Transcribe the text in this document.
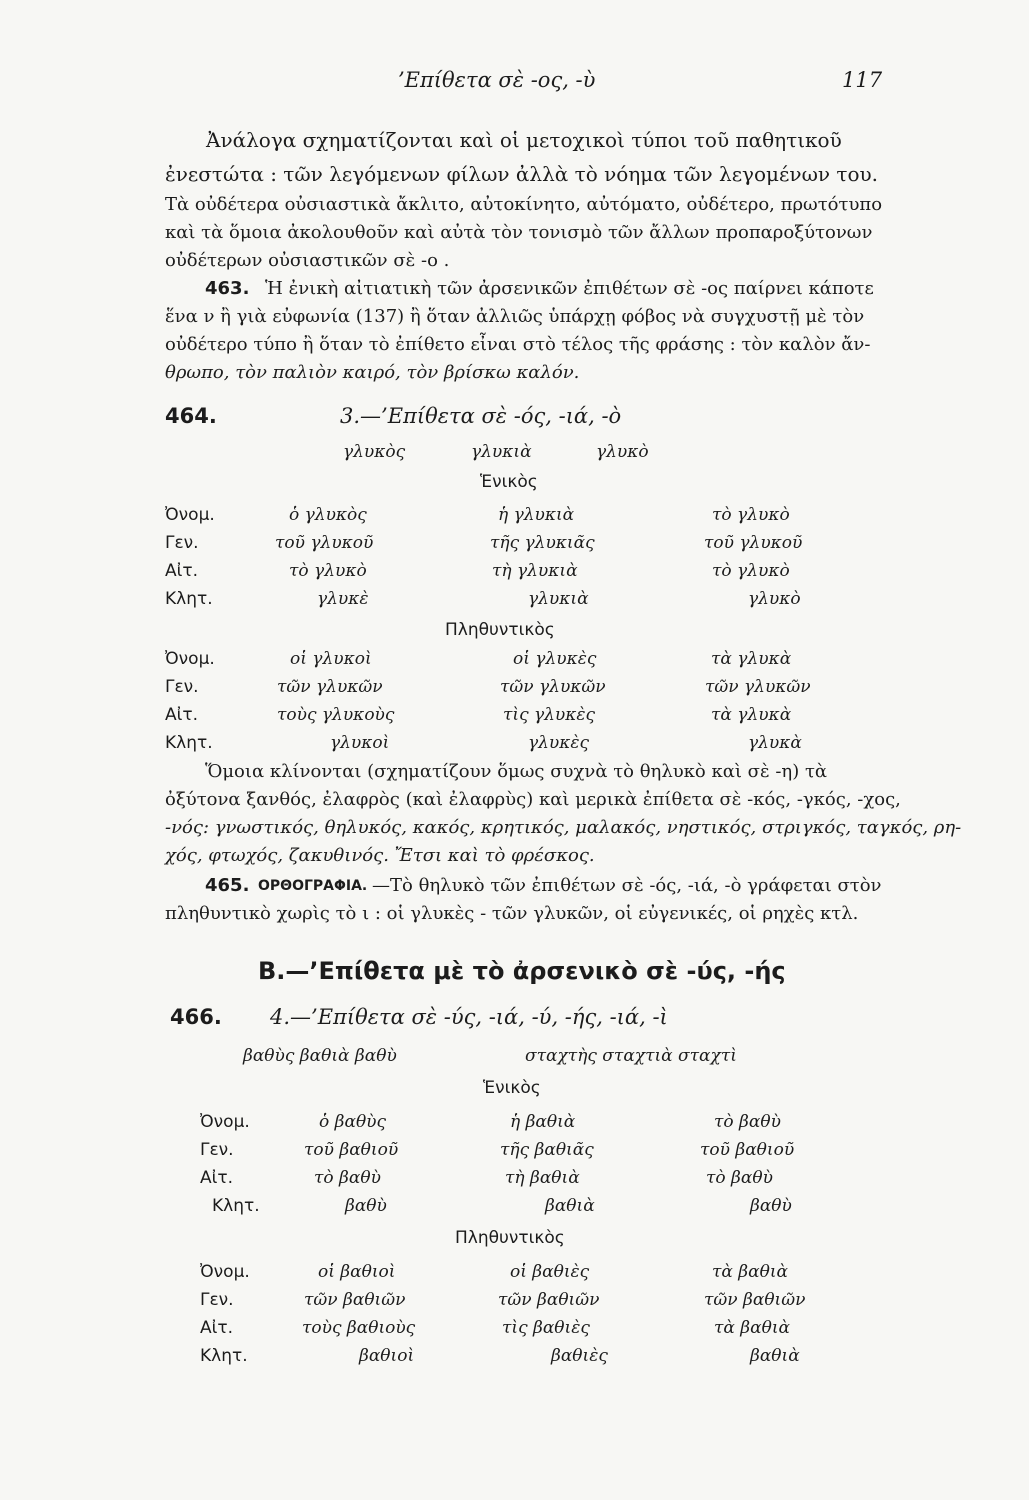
’Επίθετα σὲ -ος, -ὺ	117
Ἀνάλογα σχηματίζονται καὶ οἱ μετοχικοὶ τύποι τοῦ παθητικοῦ
ἐνεστώτα : τῶν λεγόμενων φίλων ἀλλὰ τὸ νόημα τῶν λεγομένων του.
Τὰ οὐδέτερα οὐσιαστικὰ ἄκλιτο, αὐτοκίνητο, αὐτόματο, οὐδέτερο, πρωτότυπο
καὶ τὰ ὅμοια ἀκολουθοῦν καὶ αὐτὰ τὸν τονισμὸ τῶν ἄλλων προπαροξύτονων
οὐδέτερων οὐσιαστικῶν σὲ -ο .
463. Ἡ ἐνικὴ αἰτιατικὴ τῶν ἀρσενικῶν ἐπιθέτων σὲ -ος παίρνει κάποτε
ἕνα ν ἢ γιὰ εὐφωνία (137) ἢ ὅταν ἀλλιῶς ὑπάρχῃ φόβος νὰ συγχυστῇ μὲ τὸν
οὐδέτερο τύπο ἢ ὅταν τὸ ἐπίθετο εἶναι στὸ τέλος τῆς φράσης : τὸν καλὸν ἄν-
θρωπο, τὸν παλιὸν καιρό, τὸν βρίσκω καλόν.
464.	3.—’Επίθετα σὲ -ός, -ιά, -ὸ
γλυκὸς	γλυκιὰ	γλυκὸ
Ἑνικὸς
Ὀνομ.	ὁ γλυκὸς	ἡ γλυκιὰ	τὸ γλυκὸ
Γεν.	τοῦ γλυκοῦ	τῆς γλυκιᾶς	τοῦ γλυκοῦ
Αἰτ.	τὸ γλυκὸ	τὴ γλυκιὰ	τὸ γλυκὸ
Κλητ.	γλυκὲ	γλυκιὰ	γλυκὸ
Πληθυντικὸς
Ὀνομ.	οἱ γλυκοὶ	οἱ γλυκὲς	τὰ γλυκὰ
Γεν.	τῶν γλυκῶν	τῶν γλυκῶν	τῶν γλυκῶν
Αἰτ.	τοὺς γλυκοὺς	τὶς γλυκὲς	τὰ γλυκὰ
Κλητ.	γλυκοὶ	γλυκὲς	γλυκὰ
Ὅμοια κλίνονται (σχηματίζουν ὅμως συχνὰ τὸ θηλυκὸ καὶ σὲ -η) τὰ
ὀξύτονα ξανθός, ἐλαφρὸς (καὶ ἐλαφρὺς) καὶ μερικὰ ἐπίθετα σὲ -κός, -γκός, -χος,
-νός: γνωστικός, θηλυκός, κακός, κρητικός, μαλακός, νηστικός, στριγκός, ταγκός, ρη-
χός, φτωχός, ζακυθινός. Ἔτσι καὶ τὸ φρέσκος.
465. ΟΡΘΟΓΡΑΦΙΑ. —Τὸ θηλυκὸ τῶν ἐπιθέτων σὲ -ός, -ιά, -ὸ γράφεται στὸν
πληθυντικὸ χωρὶς τὸ ι : οἱ γλυκὲς - τῶν γλυκῶν, οἱ εὐγενικές, οἱ ρηχὲς κτλ.
Β.—’Επίθετα μὲ τὸ ἀρσενικὸ σὲ -ύς, -ής
466. 4.—’Επίθετα σὲ -ύς, -ιά, -ύ, -ής, -ιά, -ὶ
βαθὺς βαθιὰ βαθὺ	σταχτὴς σταχτιὰ σταχτὶ
Ἑνικὸς
Ὀνομ.	ὁ βαθὺς	ἡ βαθιὰ	τὸ βαθὺ
Γεν.	τοῦ βαθιοῦ	τῆς βαθιᾶς	τοῦ βαθιοῦ
Αἰτ.	τὸ βαθὺ	τὴ βαθιὰ	τὸ βαθὺ
Κλητ.	βαθὺ	βαθιὰ	βαθὺ
Πληθυντικὸς
Ὀνομ.	οἱ βαθιοὶ	οἱ βαθιὲς	τὰ βαθιὰ
Γεν.	τῶν βαθιῶν	τῶν βαθιῶν	τῶν βαθιῶν
Αἰτ.	τοὺς βαθιοὺς	τὶς βαθιὲς	τὰ βαθιὰ
Κλητ.	βαθιοὶ	βαθιὲς	βαθιὰ
